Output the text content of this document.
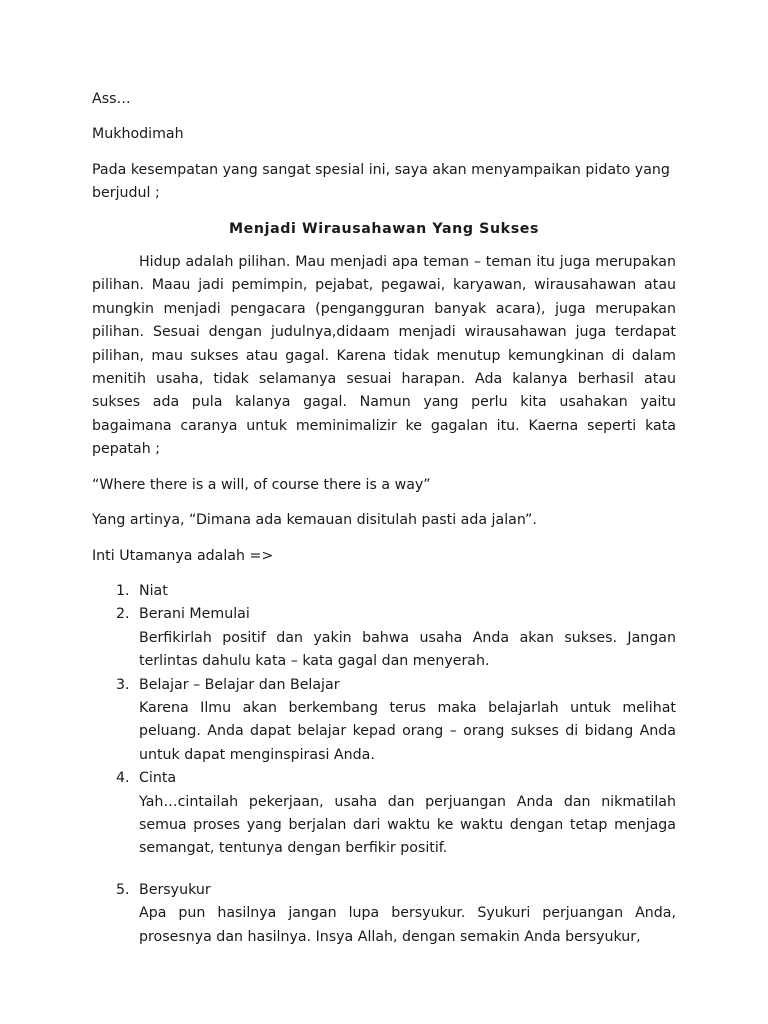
Ass…

Mukhodimah

Pada kesempatan yang sangat spesial ini, saya akan menyampaikan pidato yang berjudul ;

Menjadi Wirausahawan Yang Sukses

Hidup adalah pilihan. Mau menjadi apa teman – teman itu juga merupakan pilihan. Maau jadi pemimpin, pejabat, pegawai, karyawan, wirausahawan atau mungkin menjadi pengacara (pengangguran banyak acara), juga merupakan pilihan. Sesuai dengan judulnya,didaam menjadi wirausahawan juga terdapat pilihan, mau sukses atau gagal. Karena tidak menutup kemungkinan di dalam menitih usaha, tidak selamanya sesuai harapan. Ada kalanya berhasil atau sukses ada pula kalanya gagal. Namun yang perlu kita usahakan yaitu bagaimana caranya untuk meminimalizir ke gagalan itu. Kaerna seperti kata pepatah ;

“Where there is a will, of course there is a way”

Yang artinya, “Dimana ada kemauan disitulah pasti ada jalan”.

Inti Utamanya adalah =>

1. Niat

2. Berani Memulai

Berfikirlah positif dan yakin bahwa usaha Anda akan sukses. Jangan terlintas dahulu kata – kata gagal dan menyerah.

3. Belajar – Belajar dan Belajar

Karena Ilmu akan berkembang terus maka belajarlah untuk melihat peluang. Anda dapat belajar kepad orang – orang sukses di bidang Anda untuk dapat menginspirasi Anda.

4. Cinta

Yah…cintailah pekerjaan, usaha dan perjuangan Anda dan nikmatilah semua proses yang berjalan dari waktu ke waktu dengan tetap menjaga semangat, tentunya dengan berfikir positif.

5. Bersyukur

Apa pun hasilnya jangan lupa bersyukur. Syukuri perjuangan Anda, prosesnya dan hasilnya. Insya Allah, dengan semakin Anda bersyukur,
